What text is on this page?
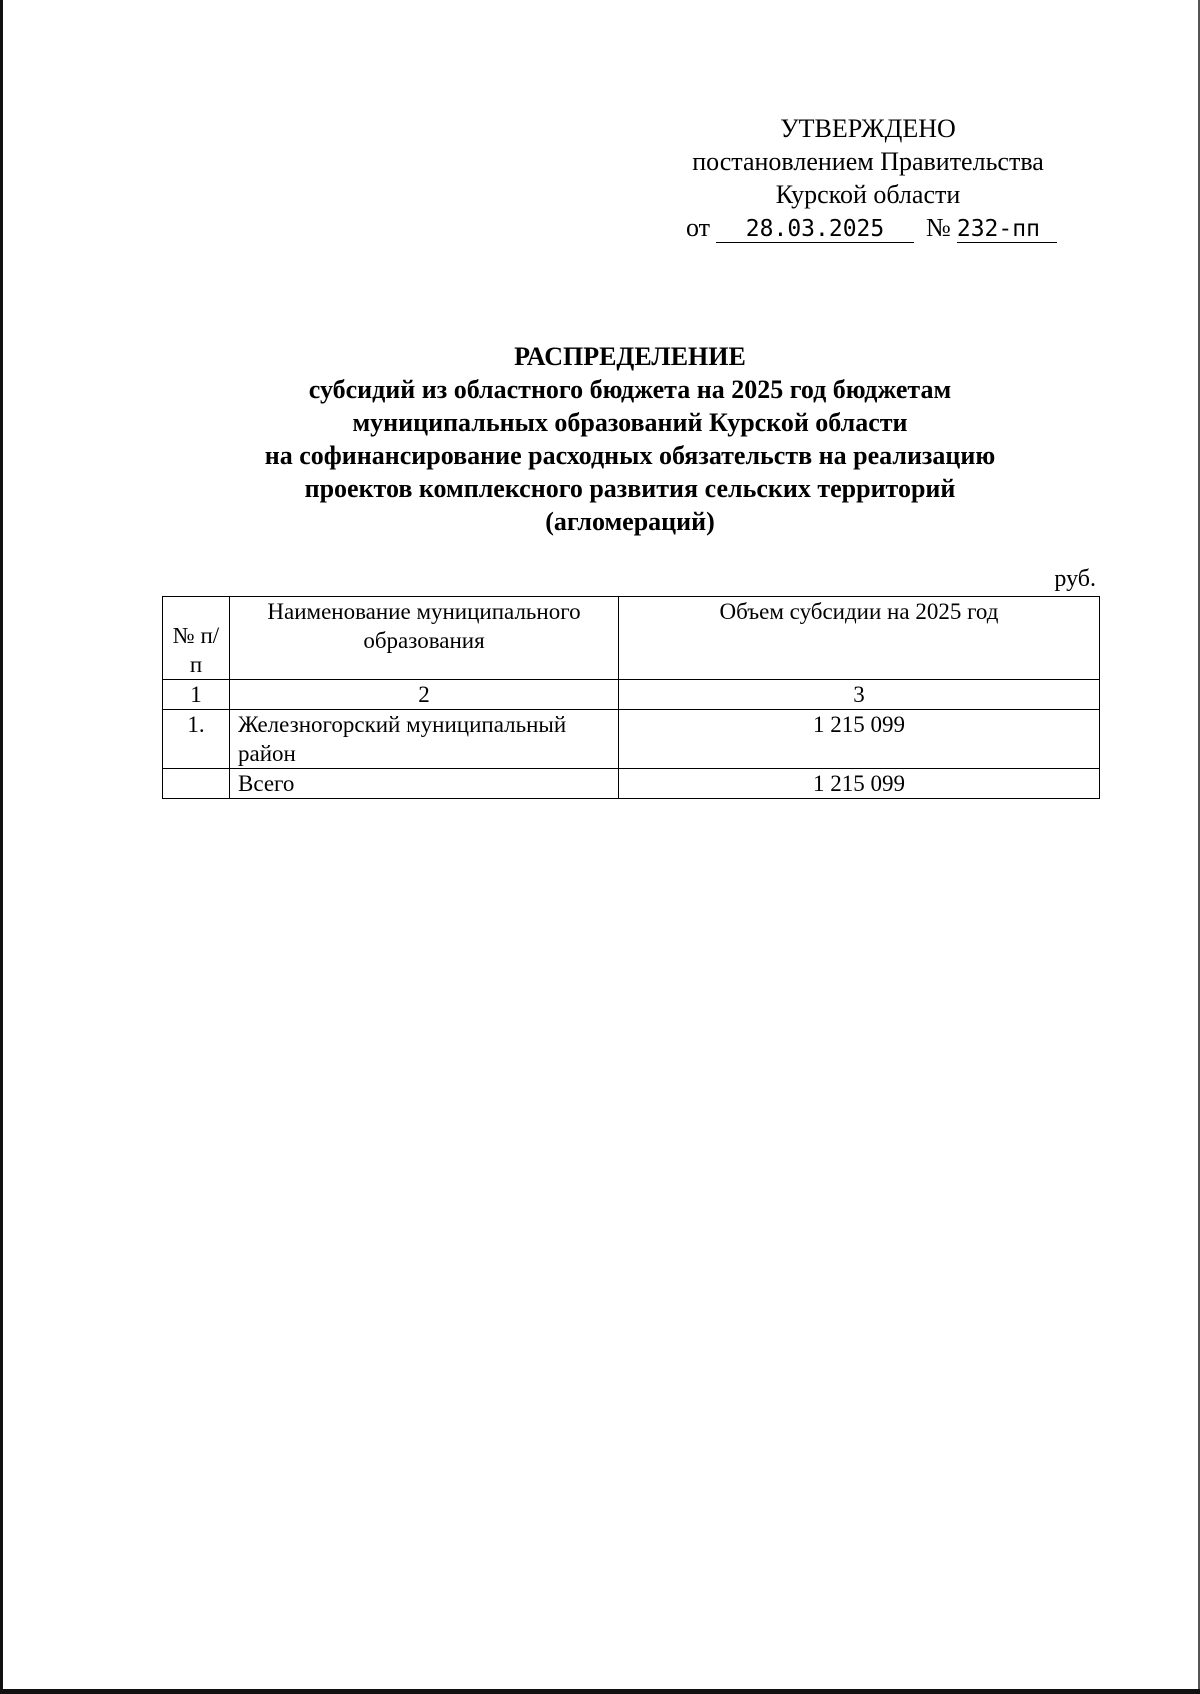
УТВЕРЖДЕНО
постановлением Правительства
Курской области
от 28.03.2025 № 232-пп
РАСПРЕДЕЛЕНИЕ
субсидий из областного бюджета на 2025 год бюджетам
муниципальных образований Курской области
на софинансирование расходных обязательств на реализацию
проектов комплексного развития сельских территорий
(агломераций)
руб.
№ п/п	Наименование муниципального образования	Объем субсидии на 2025 год
1	2	3
1.	Железногорский муниципальный район	1 215 099
	Всего	1 215 099
